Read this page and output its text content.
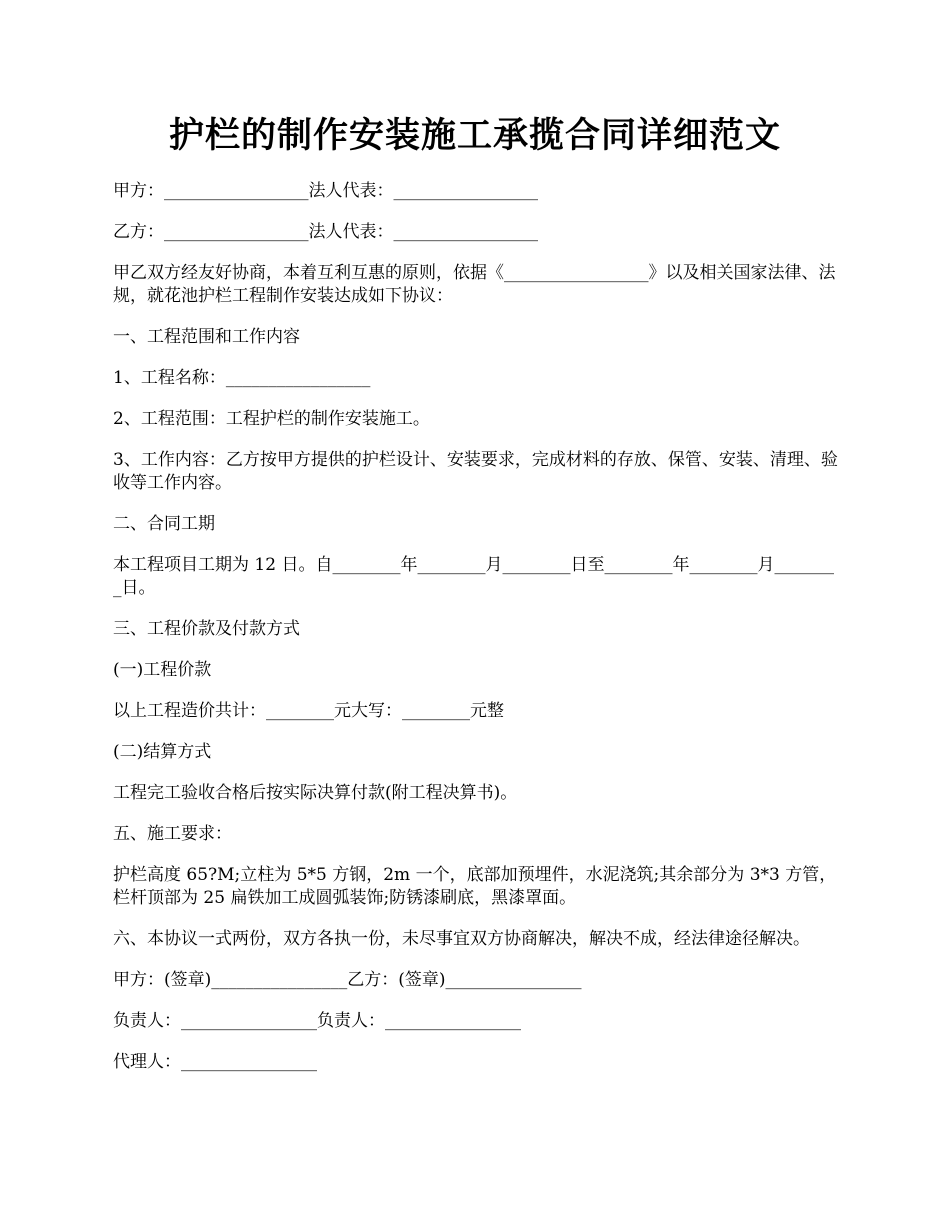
护栏的制作安装施工承揽合同详细范文

甲方：_________________法人代表：_________________

乙方：_________________法人代表：_________________

甲乙双方经友好协商，本着互利互惠的原则，依据《_________________》以及相关国家法律、法规，就花池护栏工程制作安装达成如下协议：

一、工程范围和工作内容

1、工程名称：_________________

2、工程范围：工程护栏的制作安装施工。

3、工作内容：乙方按甲方提供的护栏设计、安装要求，完成材料的存放、保管、安装、清理、验收等工作内容。

二、合同工期

本工程项目工期为 12 日。自________年________月________日至________年________月________日。

三、工程价款及付款方式

(一)工程价款

以上工程造价共计：________元大写：________元整

(二)结算方式

工程完工验收合格后按实际决算付款(附工程决算书)。

五、施工要求：

护栏高度 65?M;立柱为 5*5 方钢，2m 一个，底部加预埋件，水泥浇筑;其余部分为 3*3 方管，栏杆顶部为 25 扁铁加工成圆弧装饰;防锈漆刷底，黑漆罩面。

六、本协议一式两份，双方各执一份，未尽事宜双方协商解决，解决不成，经法律途径解决。

甲方：(签章)________________乙方：(签章)________________

负责人：________________负责人：________________

代理人：________________
